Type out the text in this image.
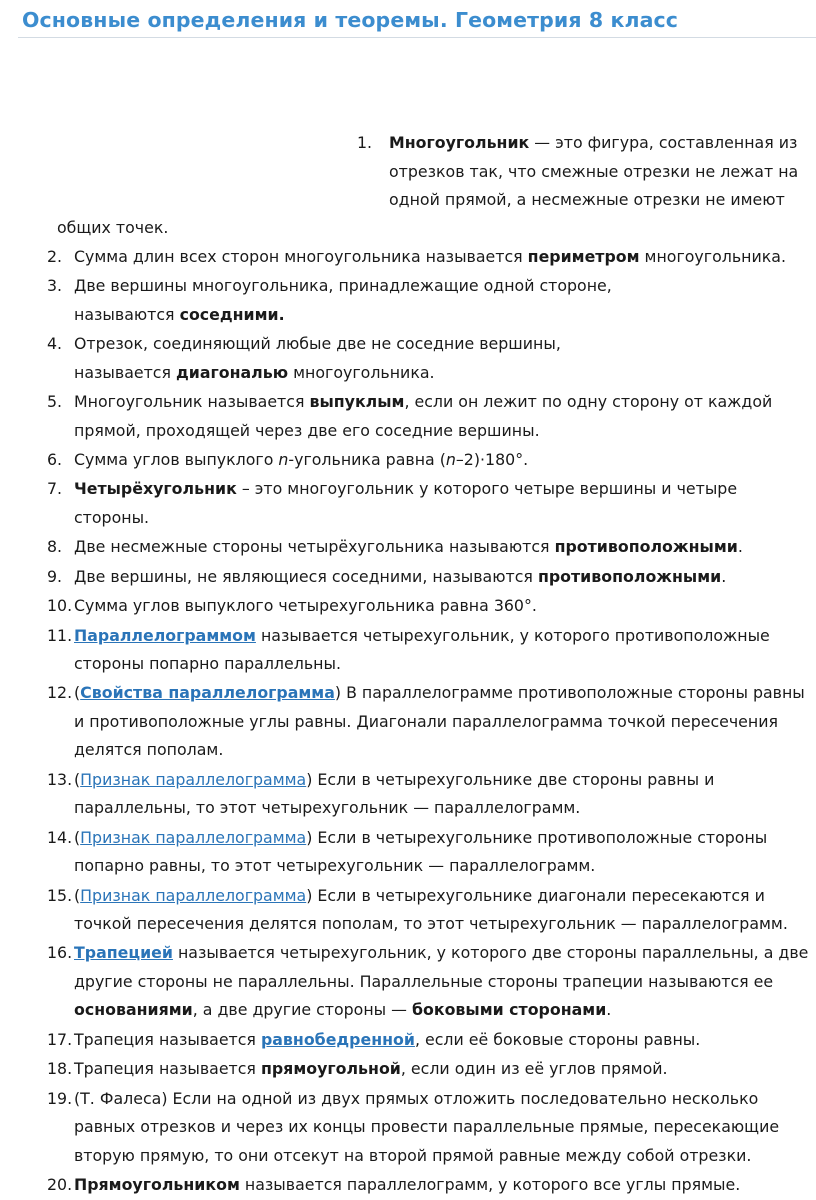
Основные определения и теоремы. Геометрия 8 класс
1. Многоугольник — это фигура, составленная из отрезков так, что смежные отрезки не лежат на одной прямой, а несмежные отрезки не имеют
общих точек.
2. Сумма длин всех сторон многоугольника называется периметром многоугольника.
3. Две вершины многоугольника, принадлежащие одной стороне,
называются соседними.
4. Отрезок, соединяющий любые две не соседние вершины,
называется диагональю многоугольника.
5. Многоугольник называется выпуклым, если он лежит по одну сторону от каждой прямой, проходящей через две его соседние вершины.
6. Сумма углов выпуклого n-угольника равна (n–2)·180°.
7. Четырёхугольник – это многоугольник у которого четыре вершины и четыре стороны.
8. Две несмежные стороны четырёхугольника называются противоположными.
9. Две вершины, не являющиеся соседними, называются противоположными.
10. Сумма углов выпуклого четырехугольника равна 360°.
11. Параллелограммом называется четырехугольник, у которого противоположные стороны попарно параллельны.
12. (Свойства параллелограмма) В параллелограмме противоположные стороны равны и противоположные углы равны. Диагонали параллелограмма точкой пересечения делятся пополам.
13. (Признак параллелограмма) Если в четырехугольнике две стороны равны и параллельны, то этот четырехугольник — параллелограмм.
14. (Признак параллелограмма) Если в четырехугольнике противоположные стороны попарно равны, то этот четырехугольник — параллелограмм.
15. (Признак параллелограмма) Если в четырехугольнике диагонали пересекаются и точкой пересечения делятся пополам, то этот четырехугольник — параллелограмм.
16. Трапецией называется четырехугольник, у которого две стороны параллельны, а две другие стороны не параллельны. Параллельные стороны трапеции называются ее основаниями, а две другие стороны — боковыми сторонами.
17. Трапеция называется равнобедренной, если её боковые стороны равны.
18. Трапеция называется прямоугольной, если один из её углов прямой.
19. (Т. Фалеса) Если на одной из двух прямых отложить последовательно несколько равных отрезков и через их концы провести параллельные прямые, пересекающие вторую прямую, то они отсекут на второй прямой равные между собой отрезки.
20. Прямоугольником называется параллелограмм, у которого все углы прямые.
